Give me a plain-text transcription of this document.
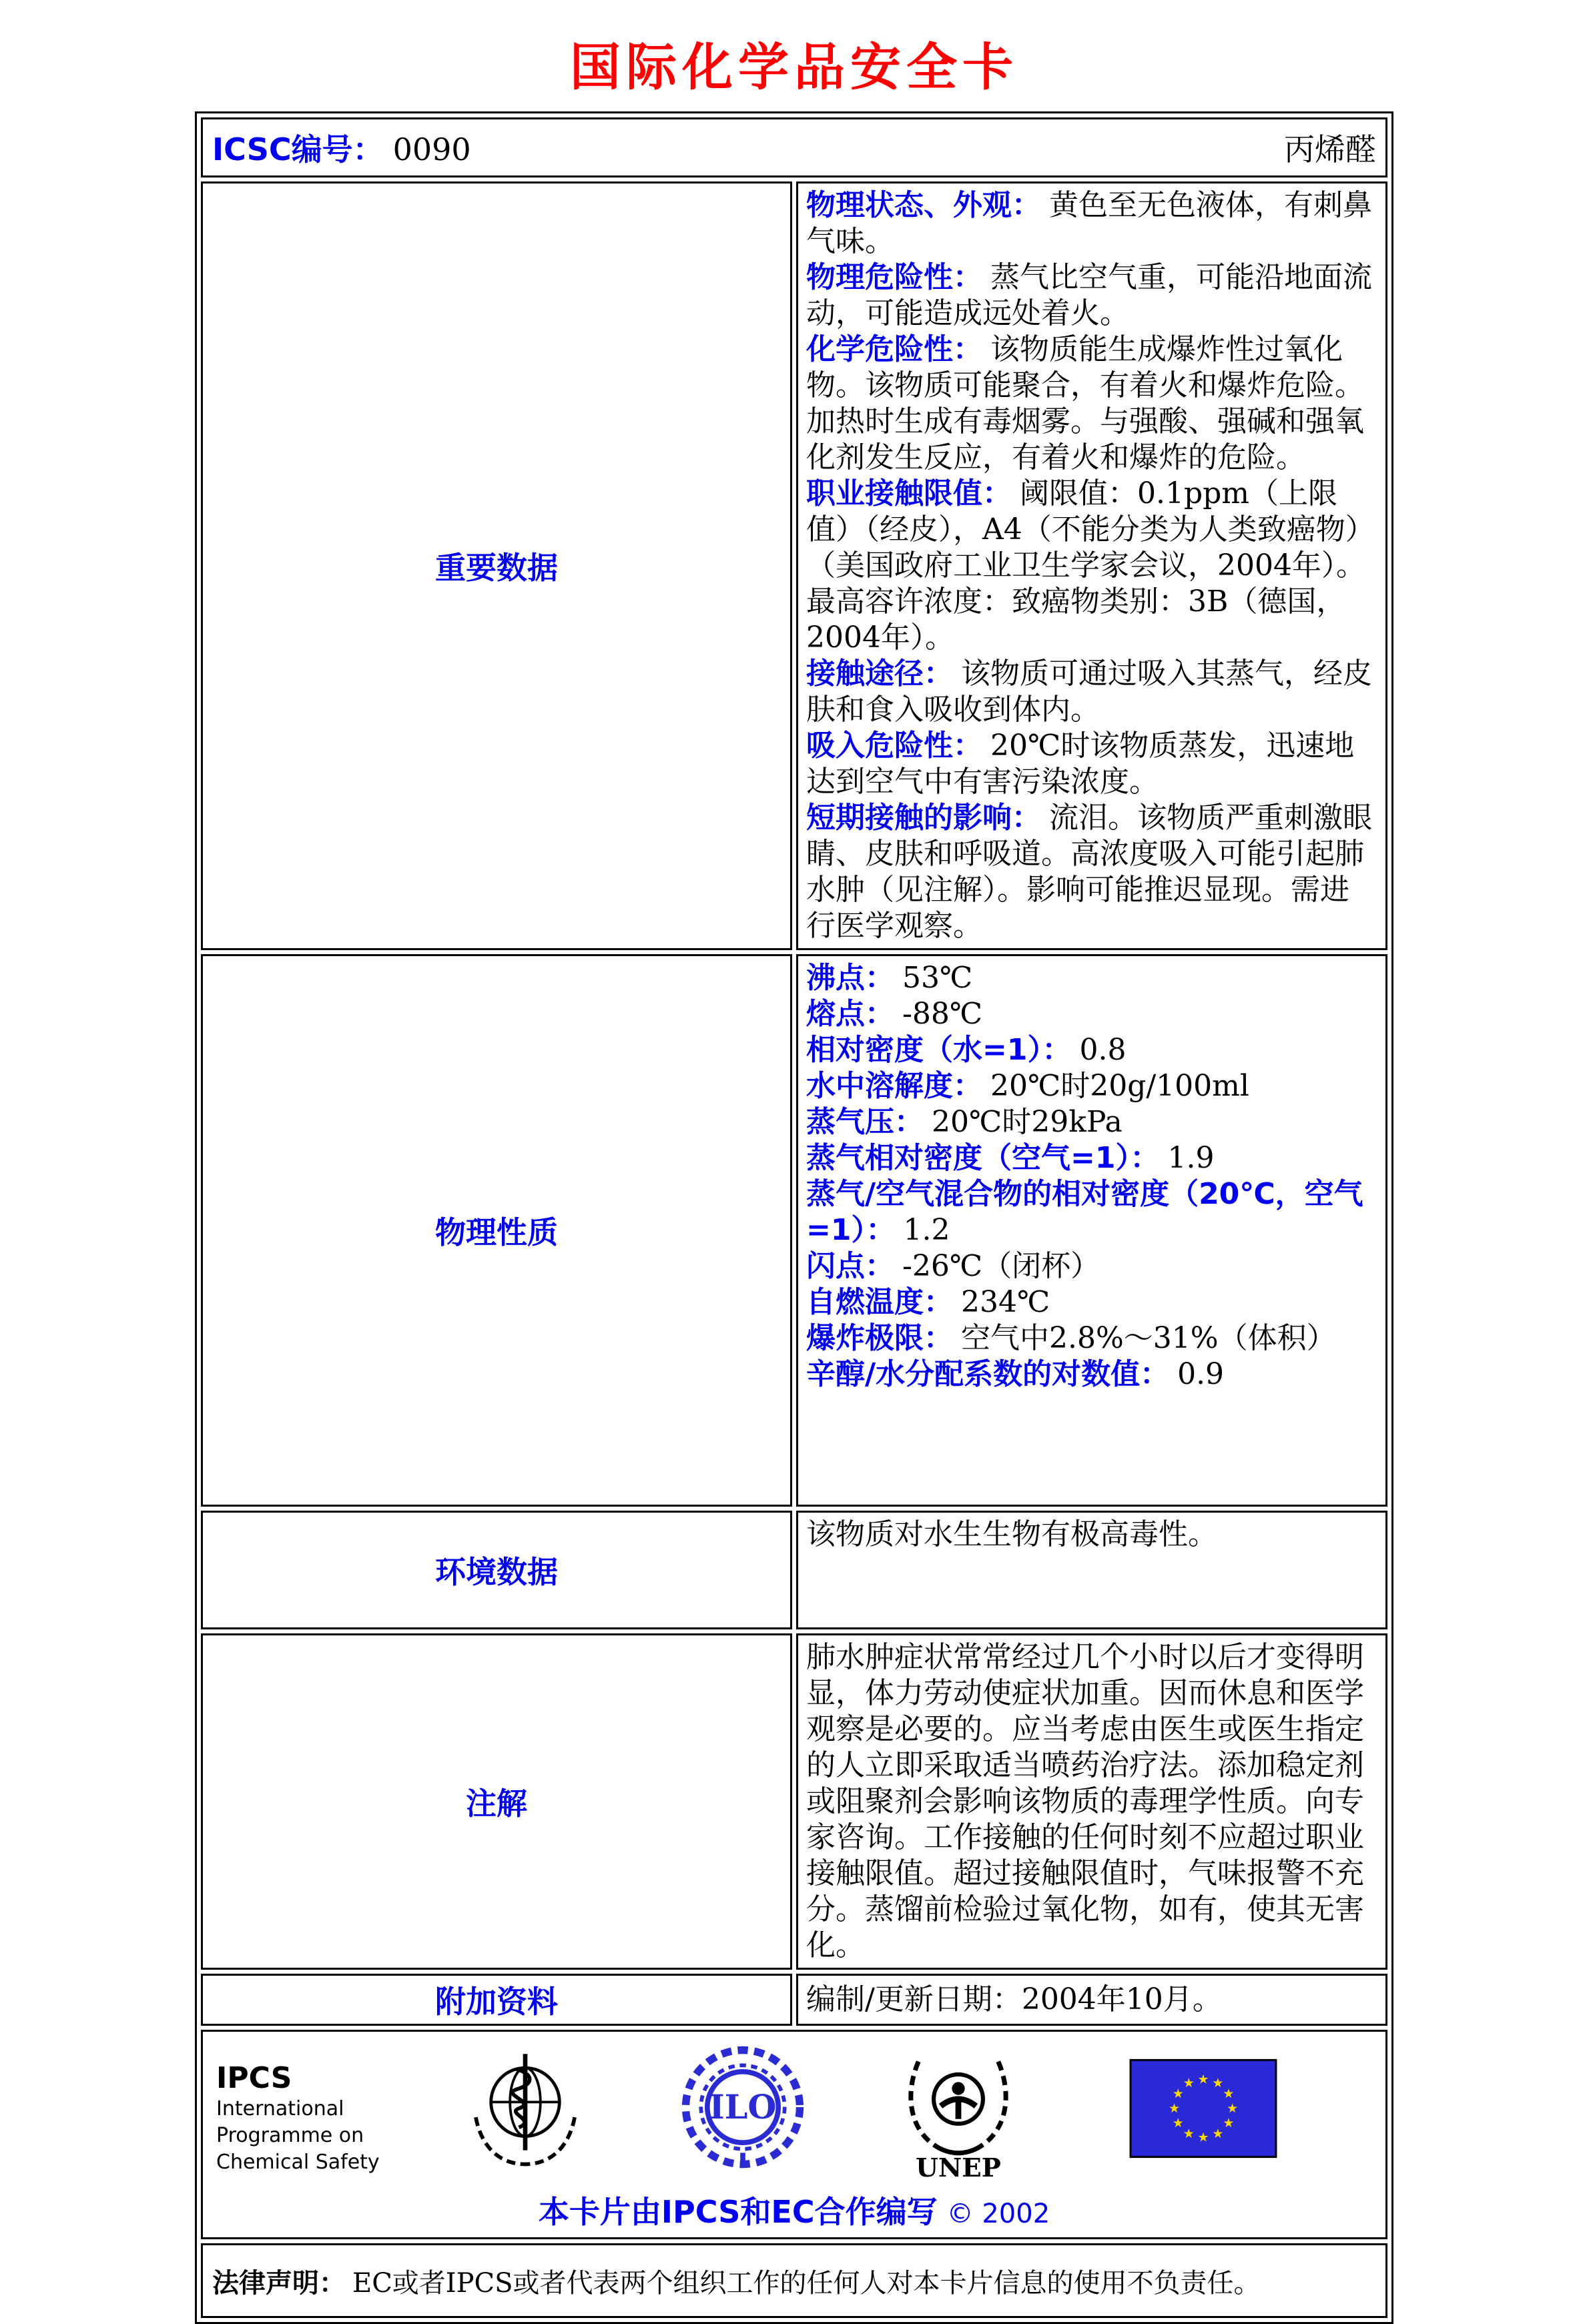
国际化学品安全卡
ICSC编号： 0090 丙烯醛	

重要数据	
物理状态、外观： 黄色至无色液体，有刺鼻气味。
物理危险性： 蒸气比空气重，可能沿地面流动，可能造成远处着火。
化学危险性： 该物质能生成爆炸性过氧化物。该物质可能聚合，有着火和爆炸危险。加热时生成有毒烟雾。与强酸、强碱和强氧化剂发生反应，有着火和爆炸的危险。
职业接触限值： 阈限值：0.1ppm（上限值）（经皮），A4（不能分类为人类致癌物）（美国政府工业卫生学家会议，2004年）。最高容许浓度：致癌物类别：3B（德国，2004年）。
接触途径： 该物质可通过吸入其蒸气，经皮肤和食入吸收到体内。
吸入危险性： 20℃时该物质蒸发，迅速地达到空气中有害污染浓度。
短期接触的影响： 流泪。该物质严重刺激眼睛、皮肤和呼吸道。高浓度吸入可能引起肺水肿（见注解）。影响可能推迟显现。需进行医学观察。

物理性质	
沸点： 53℃
熔点： -88℃
相对密度（水=1）： 0.8
水中溶解度： 20℃时20g/100ml
蒸气压： 20℃时29kPa
蒸气相对密度（空气=1）： 1.9
蒸气/空气混合物的相对密度（20℃，空气=1）： 1.2
闪点： -26℃（闭杯）
自燃温度： 234℃
爆炸极限： 空气中2.8%～31%（体积）
辛醇/水分配系数的对数值： 0.9

环境数据	该物质对水生生物有极高毒性。
注解	肺水肿症状常常经过几个小时以后才变得明显，体力劳动使症状加重。因而休息和医学观察是必要的。应当考虑由医生或医生指定的人立即采取适当喷药治疗法。添加稳定剂或阻聚剂会影响该物质的毒理学性质。向专家咨询。工作接触的任何时刻不应超过职业接触限值。超过接触限值时，气味报警不充分。蒸馏前检验过氧化物，如有，使其无害化。
附加资料	编制/更新日期：2004年10月。

IPCS
International
Programme on
Chemical Safety
ILO
UNEP
★ ★
★
★
★
★
★
★
★
★
★
★
本卡片由IPCS和EC合作编写 © 2002

法律声明： EC或者IPCS或者代表两个组织工作的任何人对本卡片信息的使用不负责任。	
